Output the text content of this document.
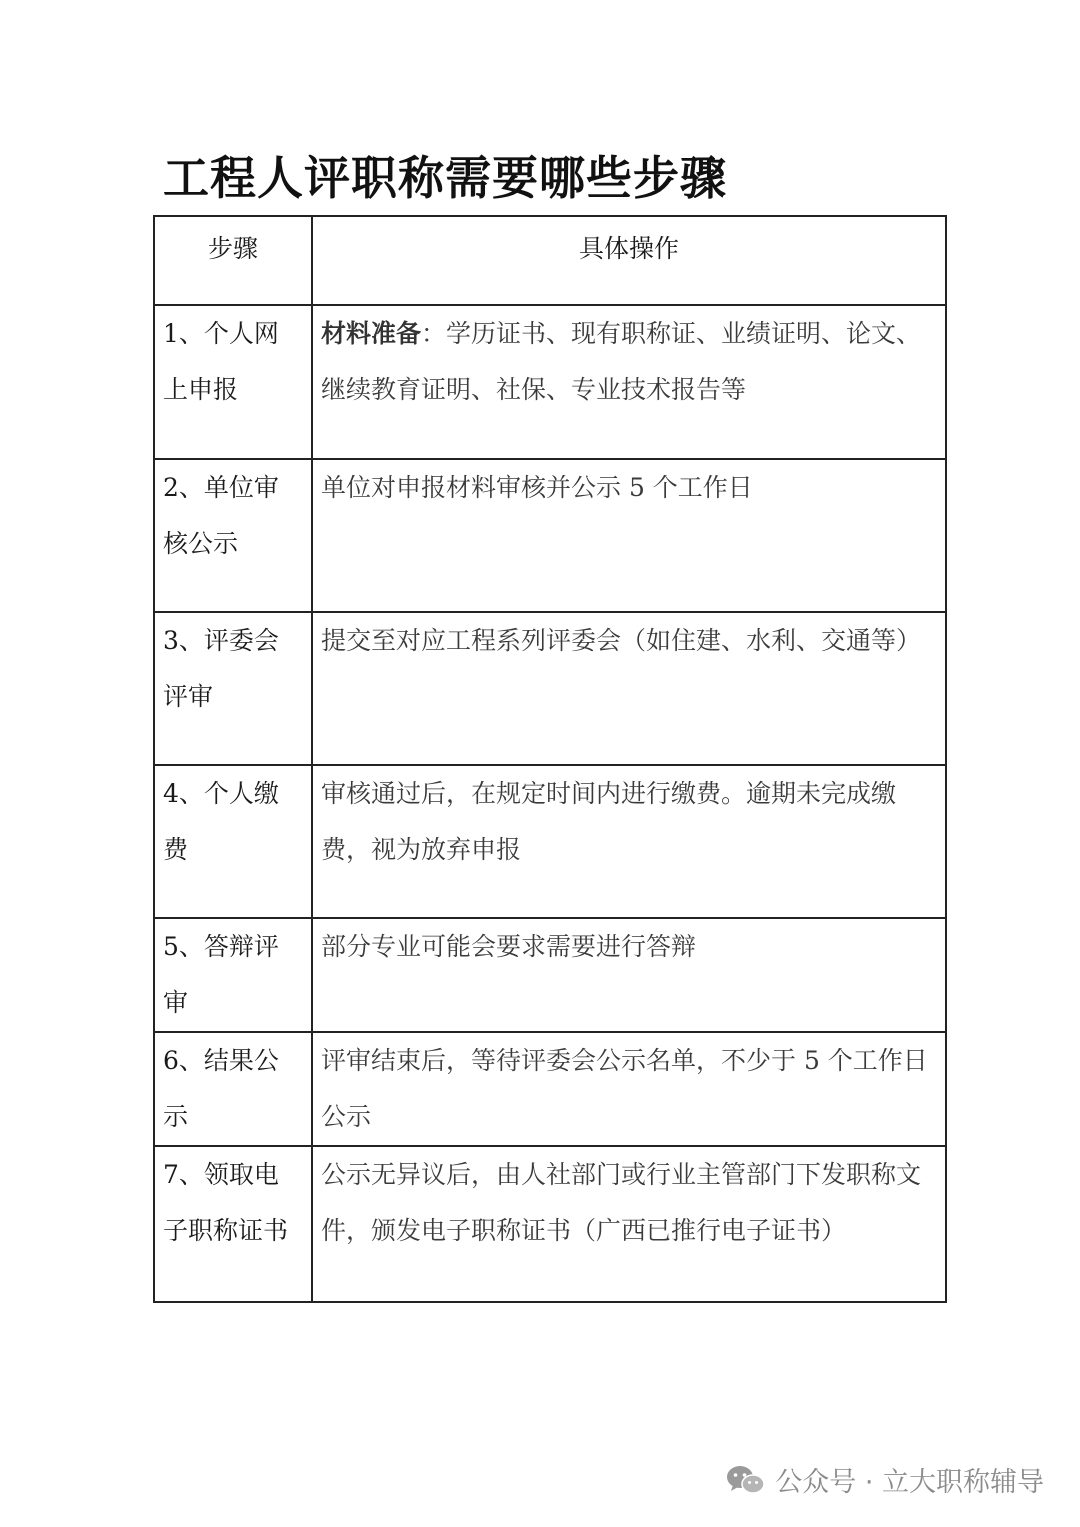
工程人评职称需要哪些步骤
步骤	具体操作
1、个人网上申报	材料准备：学历证书、现有职称证、业绩证明、论文、继续教育证明、社保、专业技术报告等
2、单位审核公示	单位对申报材料审核并公示 5 个工作日
3、评委会评审	提交至对应工程系列评委会（如住建、水利、交通等）
4、个人缴费	审核通过后，在规定时间内进行缴费。逾期未完成缴费，视为放弃申报
5、答辩评审	部分专业可能会要求需要进行答辩
6、结果公示	评审结束后，等待评委会公示名单，不少于 5 个工作日公示
7、领取电子职称证书	公示无异议后，由人社部门或行业主管部门下发职称文件，颁发电子职称证书（广西已推行电子证书）
公众号 · 立大职称辅导
